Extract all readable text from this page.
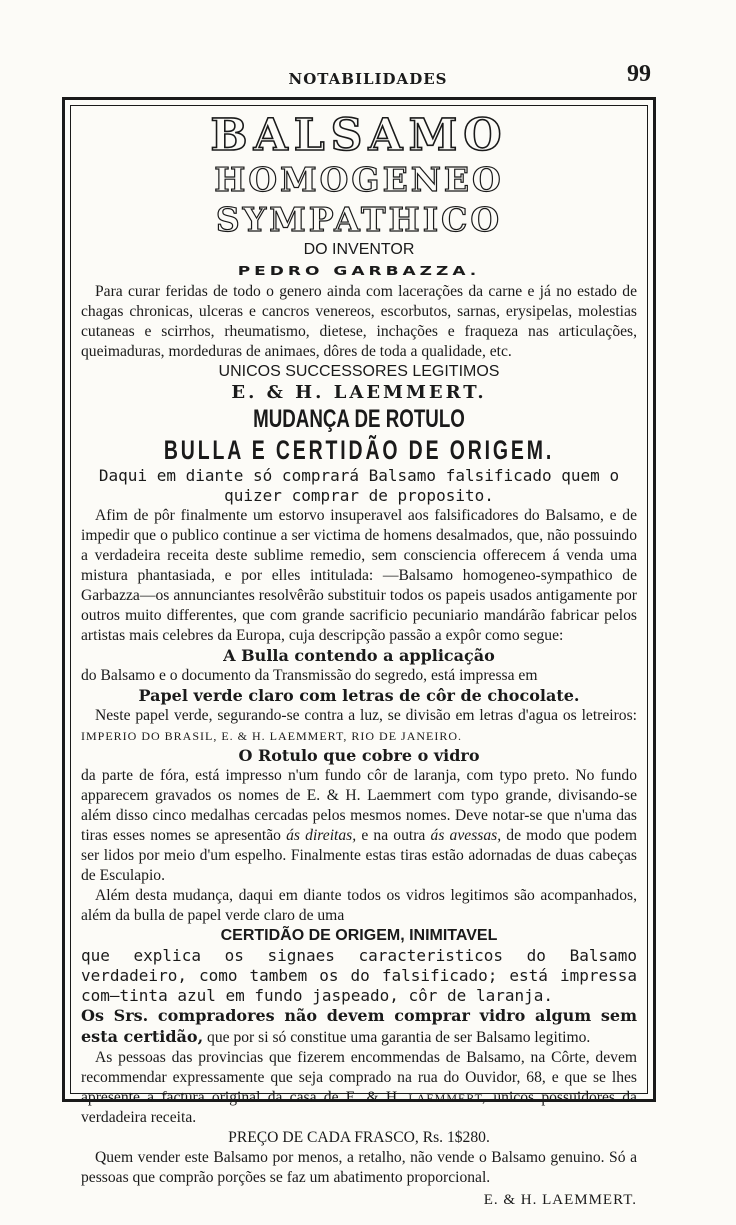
NOTABILIDADES	99

BALSAMO

HOMOGENEO SYMPATHICO

DO INVENTOR

PEDRO GARBAZZA.

Para curar feridas de todo o genero ainda com lacerações da carne e já no estado de chagas chronicas, ulceras e cancros venereos, escorbutos, sarnas, erysipelas, molestias cutaneas e scirrhos, rheumatismo, dietese, inchações e fraqueza nas articulações, queimaduras, mordeduras de animaes, dôres de toda a qualidade, etc.

UNICOS SUCCESSORES LEGITIMOS

E. & H. LAEMMERT.

MUDANÇA DE ROTULO

BULLA E CERTIDÃO DE ORIGEM.

Daqui em diante só comprará Balsamo falsificado quem o quizer comprar de proposito.

Afim de pôr finalmente um estorvo insuperavel aos falsificadores do Balsamo, e de impedir que o publico continue a ser victima de homens desalmados, que, não possuindo a verdadeira receita deste sublime remedio, sem consciencia offerecem á venda uma mistura phantasiada, e por elles intitulada: —Balsamo homogeneo-sympathico de Garbazza—os annunciantes resolvêrão substituir todos os papeis usados antigamente por outros muito differentes, que com grande sacrificio pecuniario mandárão fabricar pelos artistas mais celebres da Europa, cuja descripção passão a expôr como segue:

A Bulla contendo a applicação

do Balsamo e o documento da Transmissão do segredo, está impressa em

Papel verde claro com letras de côr de chocolate.

Neste papel verde, segurando-se contra a luz, se divisão em letras d'agua os letreiros: IMPERIO DO BRASIL, E. & H. LAEMMERT, RIO DE JANEIRO.

O Rotulo que cobre o vidro

da parte de fóra, está impresso n'um fundo côr de laranja, com typo preto. No fundo apparecem gravados os nomes de E. & H. Laemmert com typo grande, divisando-se além disso cinco medalhas cercadas pelos mesmos nomes. Deve notar-se que n'uma das tiras esses nomes se apresentão ás direitas, e na outra ás avessas, de modo que podem ser lidos por meio d'um espelho. Finalmente estas tiras estão adornadas de duas cabeças de Esculapio.

Além desta mudança, daqui em diante todos os vidros legitimos são acompanhados, além da bulla de papel verde claro de uma

CERTIDÃO DE ORIGEM, INIMITAVEL

que explica os signaes caracteristicos do Balsamo verdadeiro, como tambem os do falsificado; está impressa com—tinta azul em fundo jaspeado, côr de laranja.

Os Srs. compradores não devem comprar vidro algum sem esta certidão, que por si só constitue uma garantia de ser Balsamo legitimo.

As pessoas das provincias que fizerem encommendas de Balsamo, na Côrte, devem recommendar expressamente que seja comprado na rua do Ouvidor, 68, e que se lhes apresente a factura original da casa de E. & H. LAEMMERT, unicos possuidores da verdadeira receita.

PREÇO DE CADA FRASCO, Rs. 1$280.

Quem vender este Balsamo por menos, a retalho, não vende o Balsamo genuino. Só a pessoas que comprão porções se faz um abatimento proporcional.

E. & H. LAEMMERT.
